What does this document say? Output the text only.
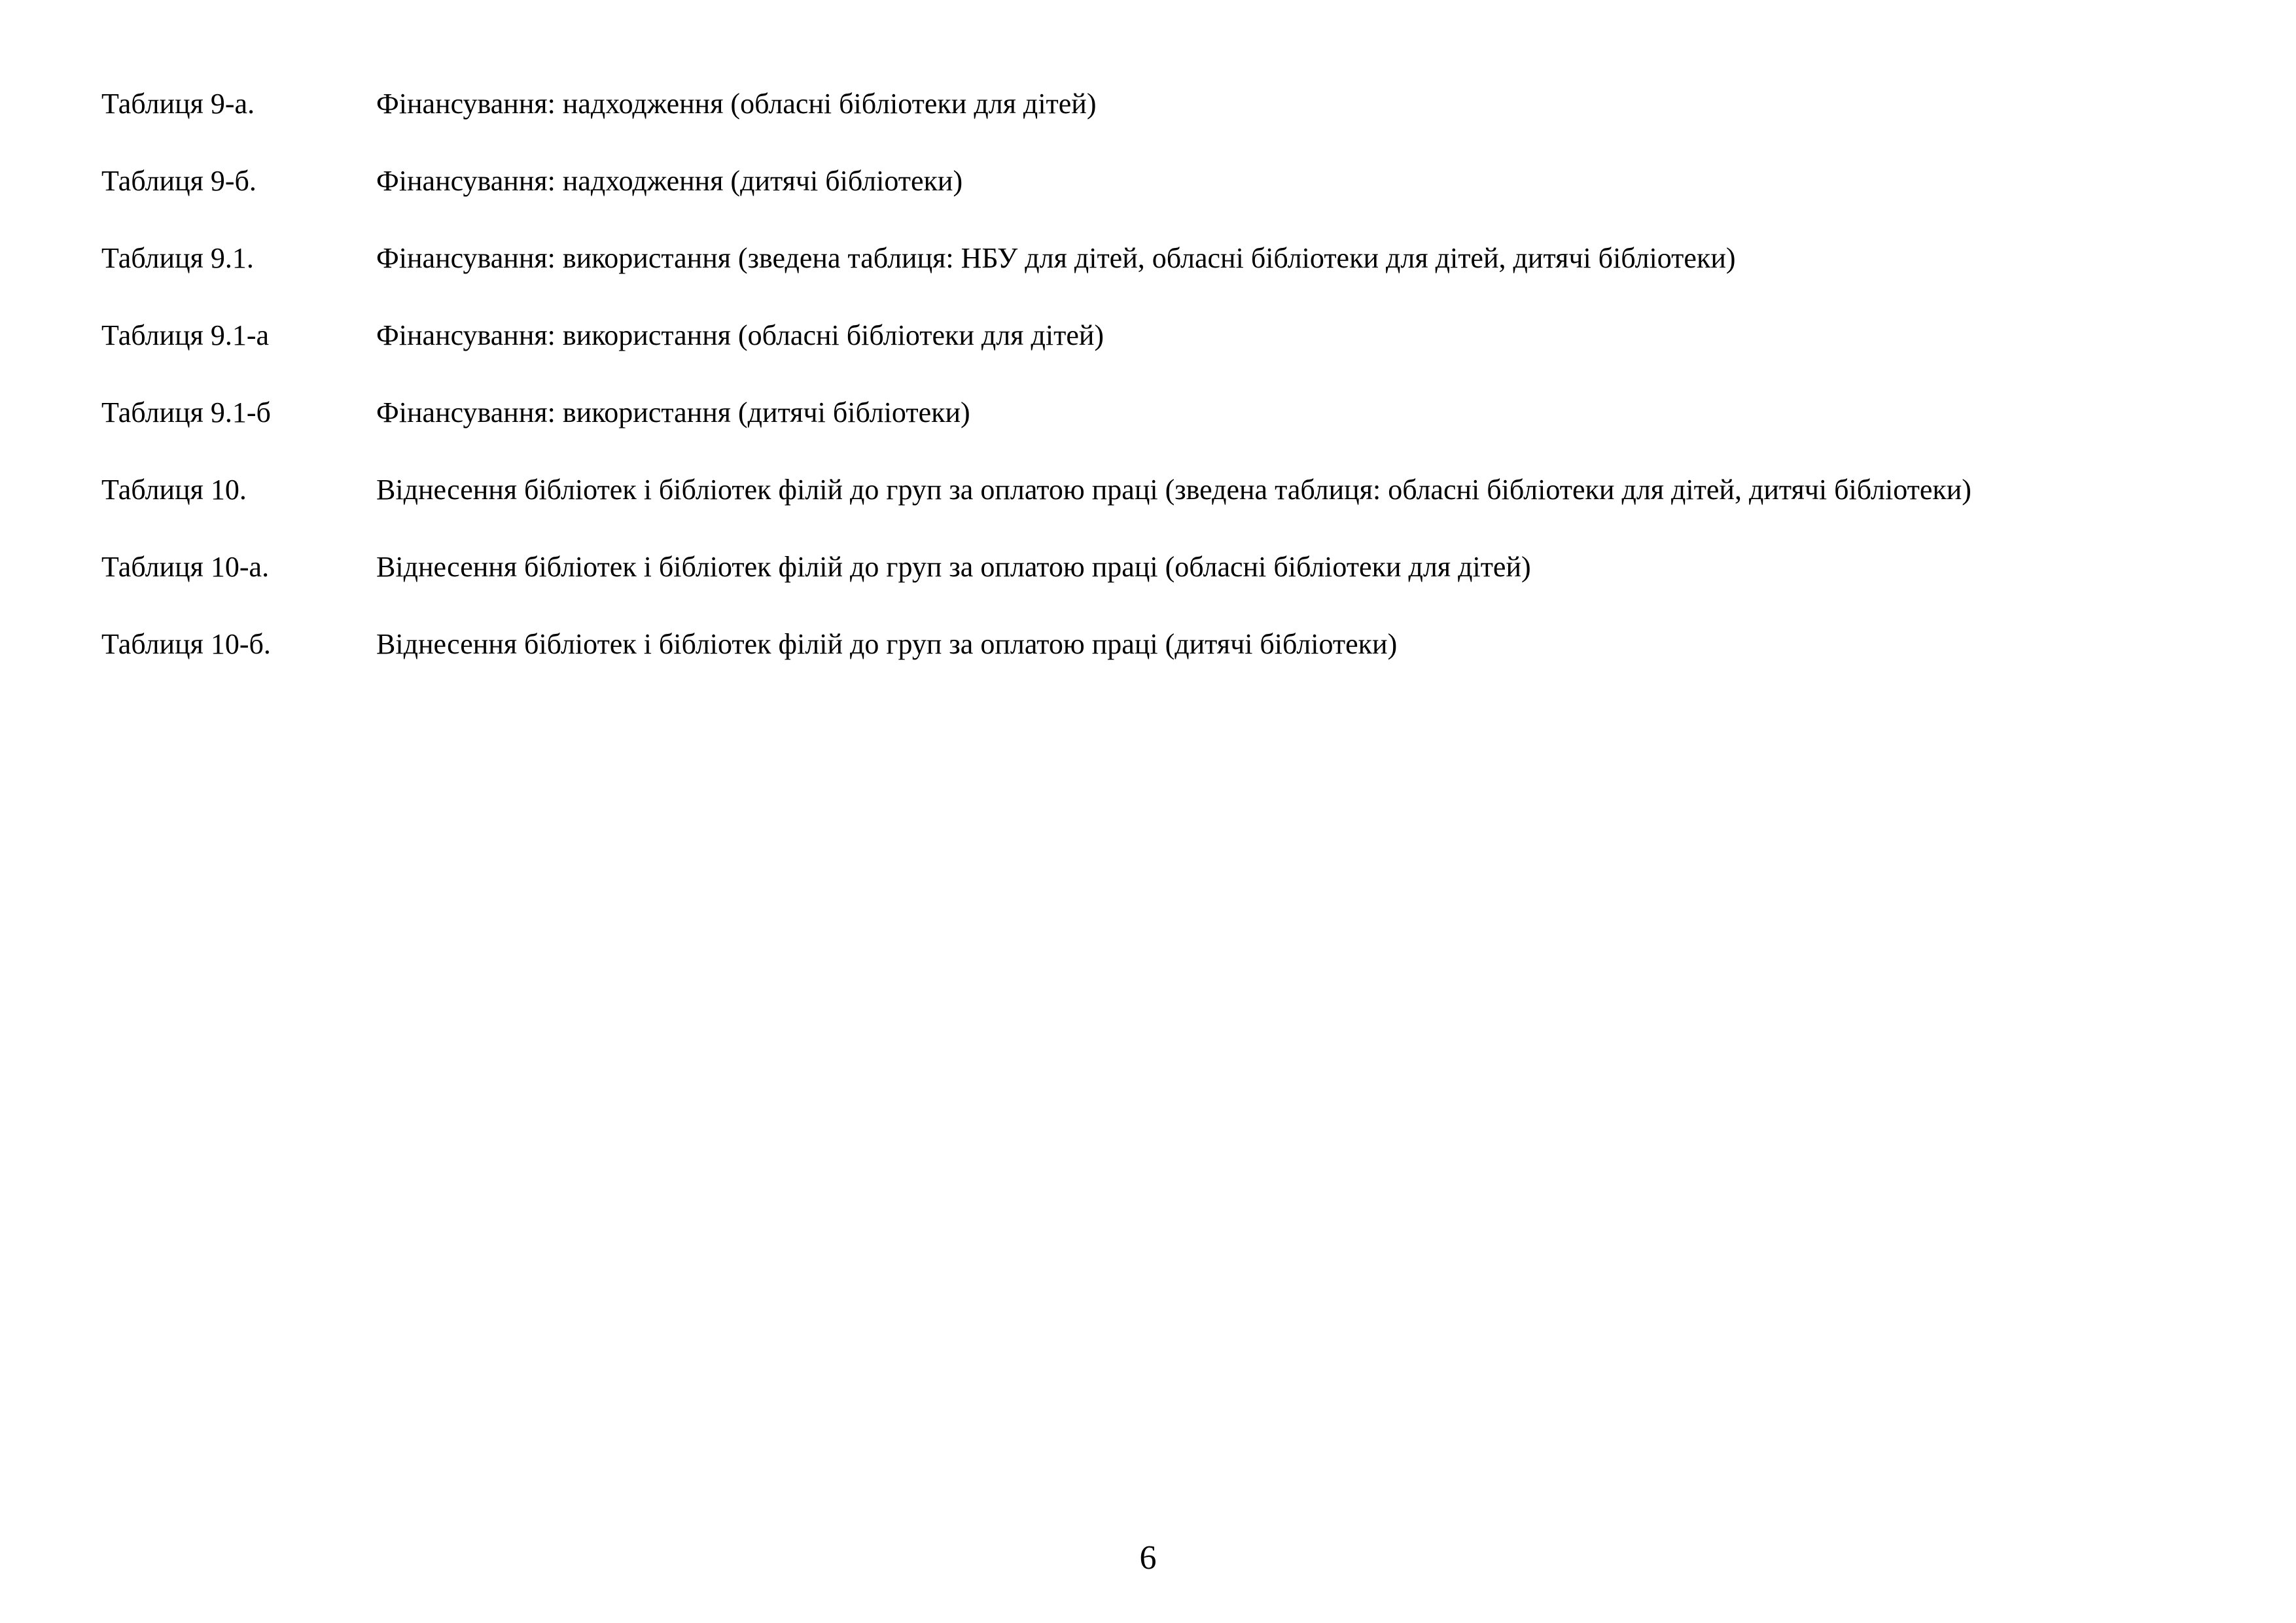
Таблиця 9-а.	Фінансування: надходження (обласні бібліотеки для дітей)
Таблиця 9-б.	Фінансування: надходження (дитячі бібліотеки)
Таблиця 9.1.	Фінансування: використання (зведена таблиця: НБУ для дітей, обласні бібліотеки для дітей, дитячі бібліотеки)
Таблиця 9.1-а	Фінансування: використання (обласні бібліотеки для дітей)
Таблиця 9.1-б	Фінансування: використання (дитячі бібліотеки)
Таблиця 10.	Віднесення бібліотек і бібліотек філій до груп за оплатою праці (зведена таблиця: обласні бібліотеки для дітей, дитячі бібліотеки)
Таблиця 10-а.	Віднесення бібліотек і бібліотек філій до груп за оплатою праці (обласні бібліотеки для дітей)
Таблиця 10-б.	Віднесення бібліотек і бібліотек філій до груп за оплатою праці (дитячі бібліотеки)
6
